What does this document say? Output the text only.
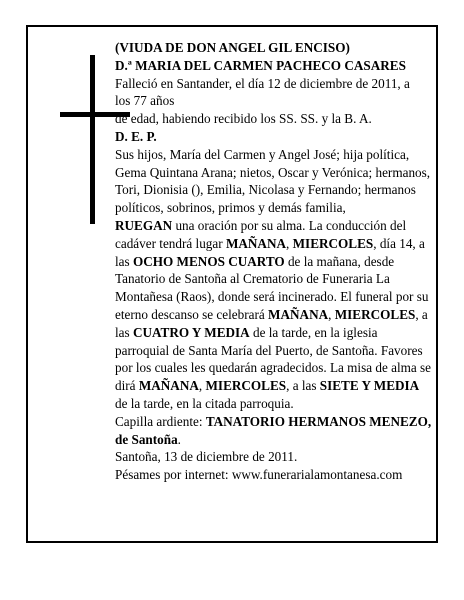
(VIUDA DE DON ANGEL GIL ENCISO)

D.ª MARIA DEL CARMEN PACHECO CASARES

Falleció en Santander, el día 12 de diciembre de 2011, a

los 77 años

de edad, habiendo recibido los SS. SS. y la B. A.

D. E. P.

Sus hijos, María del Carmen y Angel José; hija política, Gema Quintana Arana; nietos, Oscar y Verónica; hermanos, Tori, Dionisia (), Emilia, Nicolasa y Fernando; hermanos políticos, sobrinos, primos y demás familia,

RUEGAN una oración por su alma. La conducción del cadáver tendrá lugar MAÑANA, MIERCOLES, día 14, a las OCHO MENOS CUARTO de la mañana, desde Tanatorio de Santoña al Crematorio de Funeraria La Montañesa (Raos), donde será incinerado. El funeral por su eterno descanso se celebrará MAÑANA, MIERCOLES, a las CUATRO Y MEDIA de la tarde, en la iglesia parroquial de Santa María del Puerto, de Santoña. Favores por los cuales les quedarán agradecidos. La misa de alma se dirá MAÑANA, MIERCOLES, a las SIETE Y MEDIA de la tarde, en la citada parroquia.

Capilla ardiente: TANATORIO HERMANOS MENEZO, de Santoña.

Santoña, 13 de diciembre de 2011.

Pésames por internet: www.funerarialamontanesa.com
